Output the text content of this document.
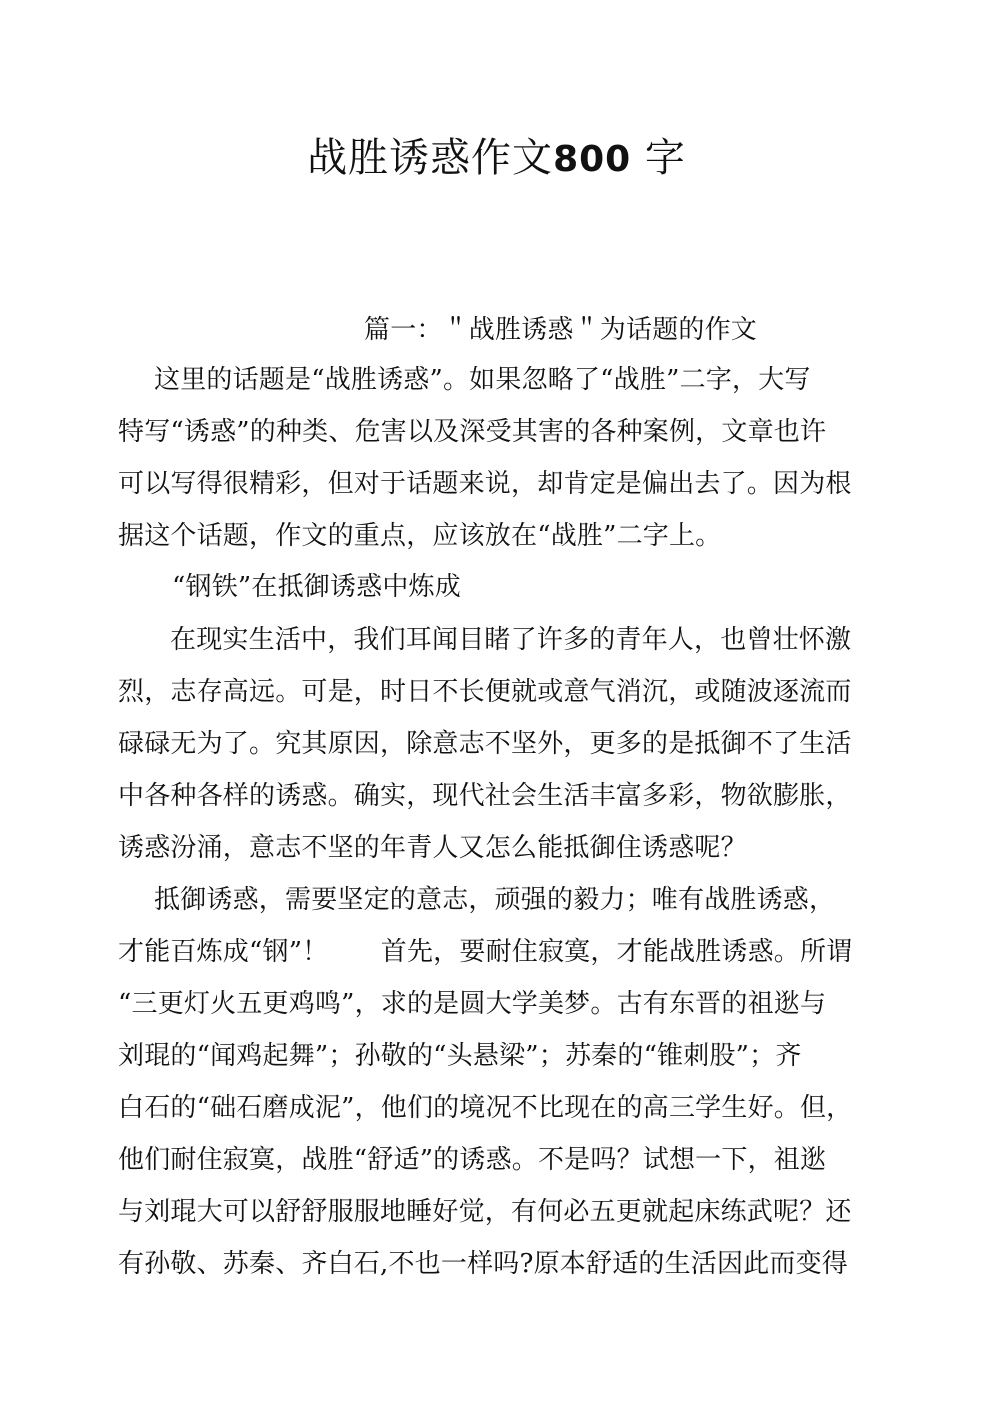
战胜诱惑作文800 字
篇一：＂战胜诱惑＂为话题的作文
这里的话题是“战胜诱惑”。如果忽略了“战胜”二字，大写
特写“诱惑”的种类、危害以及深受其害的各种案例，文章也许
可以写得很精彩，但对于话题来说，却肯定是偏出去了。因为根
据这个话题，作文的重点，应该放在“战胜”二字上。
“钢铁”在抵御诱惑中炼成
在现实生活中，我们耳闻目睹了许多的青年人，也曾壮怀激
烈，志存高远。可是，时日不长便就或意气消沉，或随波逐流而
碌碌无为了。究其原因，除意志不坚外，更多的是抵御不了生活
中各种各样的诱惑。确实，现代社会生活丰富多彩，物欲膨胀，
诱惑汾涌，意志不坚的年青人又怎么能抵御住诱惑呢？
抵御诱惑，需要坚定的意志，顽强的毅力；唯有战胜诱惑，
才能百炼成“钢”！　　首先，要耐住寂寞，才能战胜诱惑。所谓
“三更灯火五更鸡鸣”，求的是圆大学美梦。古有东晋的祖逖与
刘琨的“闻鸡起舞”；孙敬的“头悬梁”；苏秦的“锥刺股”；齐
白石的“础石磨成泥”，他们的境况不比现在的高三学生好。但，
他们耐住寂寞，战胜“舒适”的诱惑。不是吗？试想一下，祖逖
与刘琨大可以舒舒服服地睡好觉，有何必五更就起床练武呢？还
有孙敬、苏秦、齐白石,不也一样吗?原本舒适的生活因此而变得
